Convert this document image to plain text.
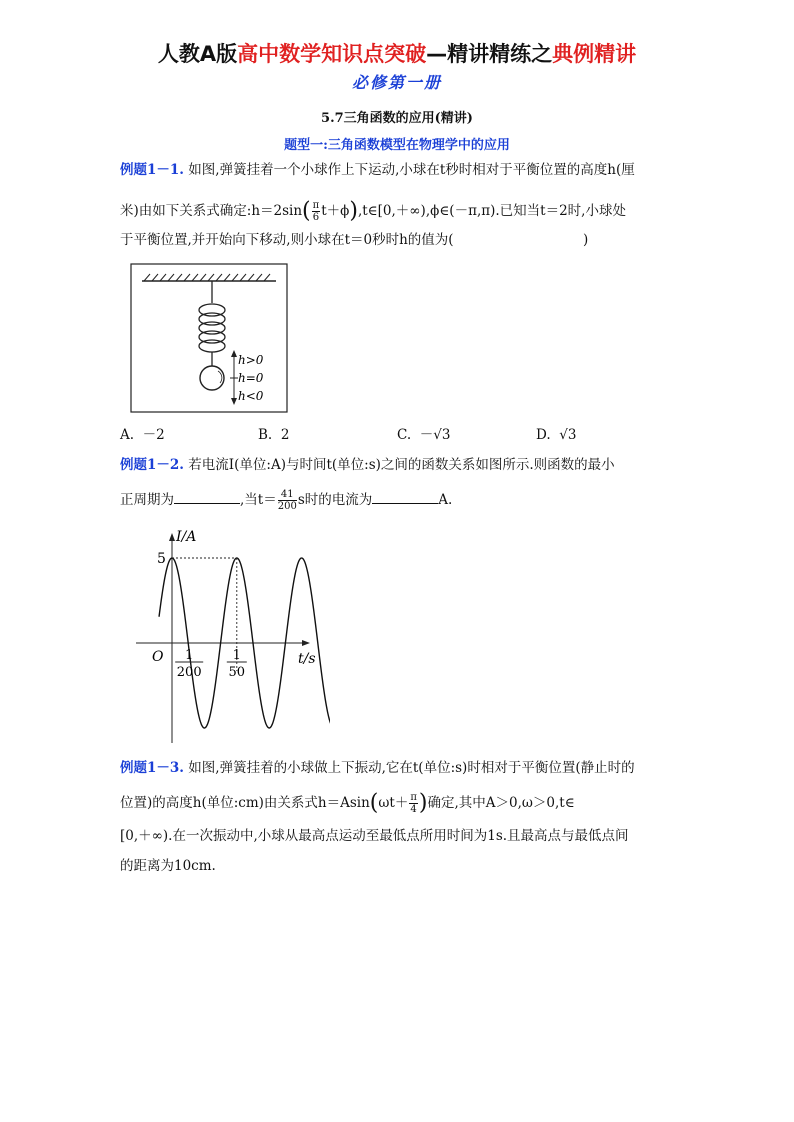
人教A版高中数学知识点突破—精讲精练之典例精讲
必修第一册
5.7三角函数的应用(精讲)
题型一:三角函数模型在物理学中的应用
例题1－1. 如图,弹簧挂着一个小球作上下运动,小球在t秒时相对于平衡位置的高度h(厘
米)由如下关系式确定:h＝2sin( $\frac{\pi}{6}$ t＋ϕ),t∈[0,＋∞),ϕ∈(－π,π).已知当t＝2时,小球处
于平衡位置,并开始向下移动,则小球在t＝0秒时h的值为(	)
h>0
h=0
h<0
A. －2	B. 2	C. －√3	D. √3
例题1－2. 若电流I(单位:A)与时间t(单位:s)之间的函数关系如图所示.则函数的最小
正周期为	,当$t= \frac{41}{200}$ s时的电流为	A.
I/A
t/s
O
5
1
200
1
50
例题1－3. 如图,弹簧挂着的小球做上下振动,它在t(单位:s)时相对于平衡位置(静止时的
位置)的高度h(单位:cm)由关系式$h=Asin(\omega t+ \frac{\pi}{4}$ )确定,其中A＞0,ω＞0,t∈
[0,＋∞).在一次振动中,小球从最高点运动至最低点所用时间为1s.且最高点与最低点间
的距离为10cm.
